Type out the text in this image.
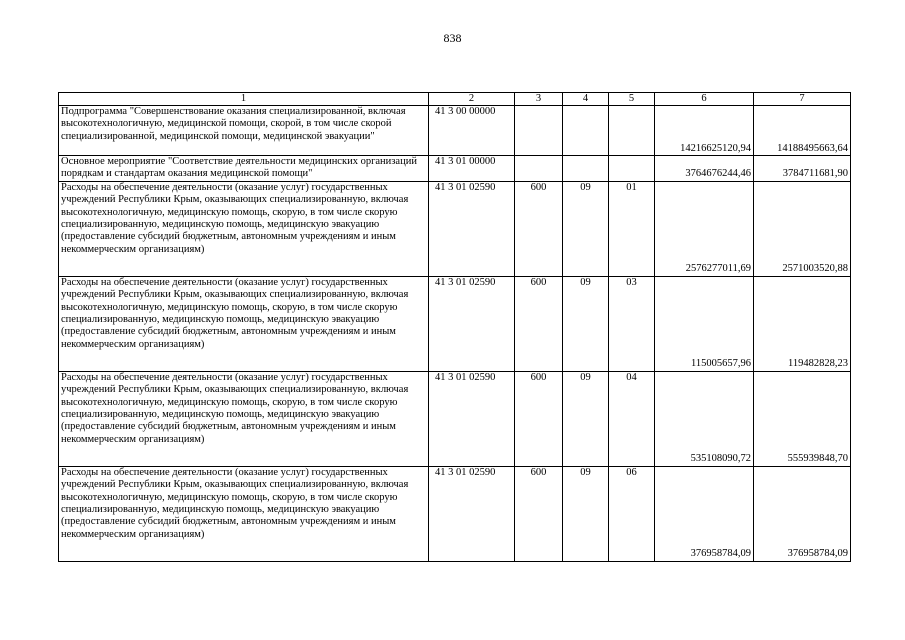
838
1	2	3	4	5	6	7
Подпрограмма "Совершенствование оказания специализированной, включая высокотехнологичную, медицинской помощи, скорой, в том числе скорой специализированной, медицинской помощи, медицинской эвакуации"	41 3 00 00000				14216625120,94	14188495663,64
Основное мероприятие "Соответствие деятельности медицинских организаций порядкам и стандартам оказания медицинской помощи"	41 3 01 00000				3764676244,46	3784711681,90
Расходы на обеспечение деятельности (оказание услуг) государственных учреждений Республики Крым, оказывающих специализированную, включая высокотехнологичную, медицинскую помощь, скорую, в том числе скорую специализированную, медицинскую помощь, медицинскую эвакуацию (предоставление субсидий бюджетным, автономным учреждениям и иным некоммерческим организациям)	41 3 01 02590	600	09	01	2576277011,69	2571003520,88
Расходы на обеспечение деятельности (оказание услуг) государственных учреждений Республики Крым, оказывающих специализированную, включая высокотехнологичную, медицинскую помощь, скорую, в том числе скорую специализированную, медицинскую помощь, медицинскую эвакуацию (предоставление субсидий бюджетным, автономным учреждениям и иным некоммерческим организациям)	41 3 01 02590	600	09	03	115005657,96	119482828,23
Расходы на обеспечение деятельности (оказание услуг) государственных учреждений Республики Крым, оказывающих специализированную, включая высокотехнологичную, медицинскую помощь, скорую, в том числе скорую специализированную, медицинскую помощь, медицинскую эвакуацию (предоставление субсидий бюджетным, автономным учреждениям и иным некоммерческим организациям)	41 3 01 02590	600	09	04	535108090,72	555939848,70
Расходы на обеспечение деятельности (оказание услуг) государственных учреждений Республики Крым, оказывающих специализированную, включая высокотехнологичную, медицинскую помощь, скорую, в том числе скорую специализированную, медицинскую помощь, медицинскую эвакуацию (предоставление субсидий бюджетным, автономным учреждениям и иным некоммерческим организациям)	41 3 01 02590	600	09	06	376958784,09	376958784,09
